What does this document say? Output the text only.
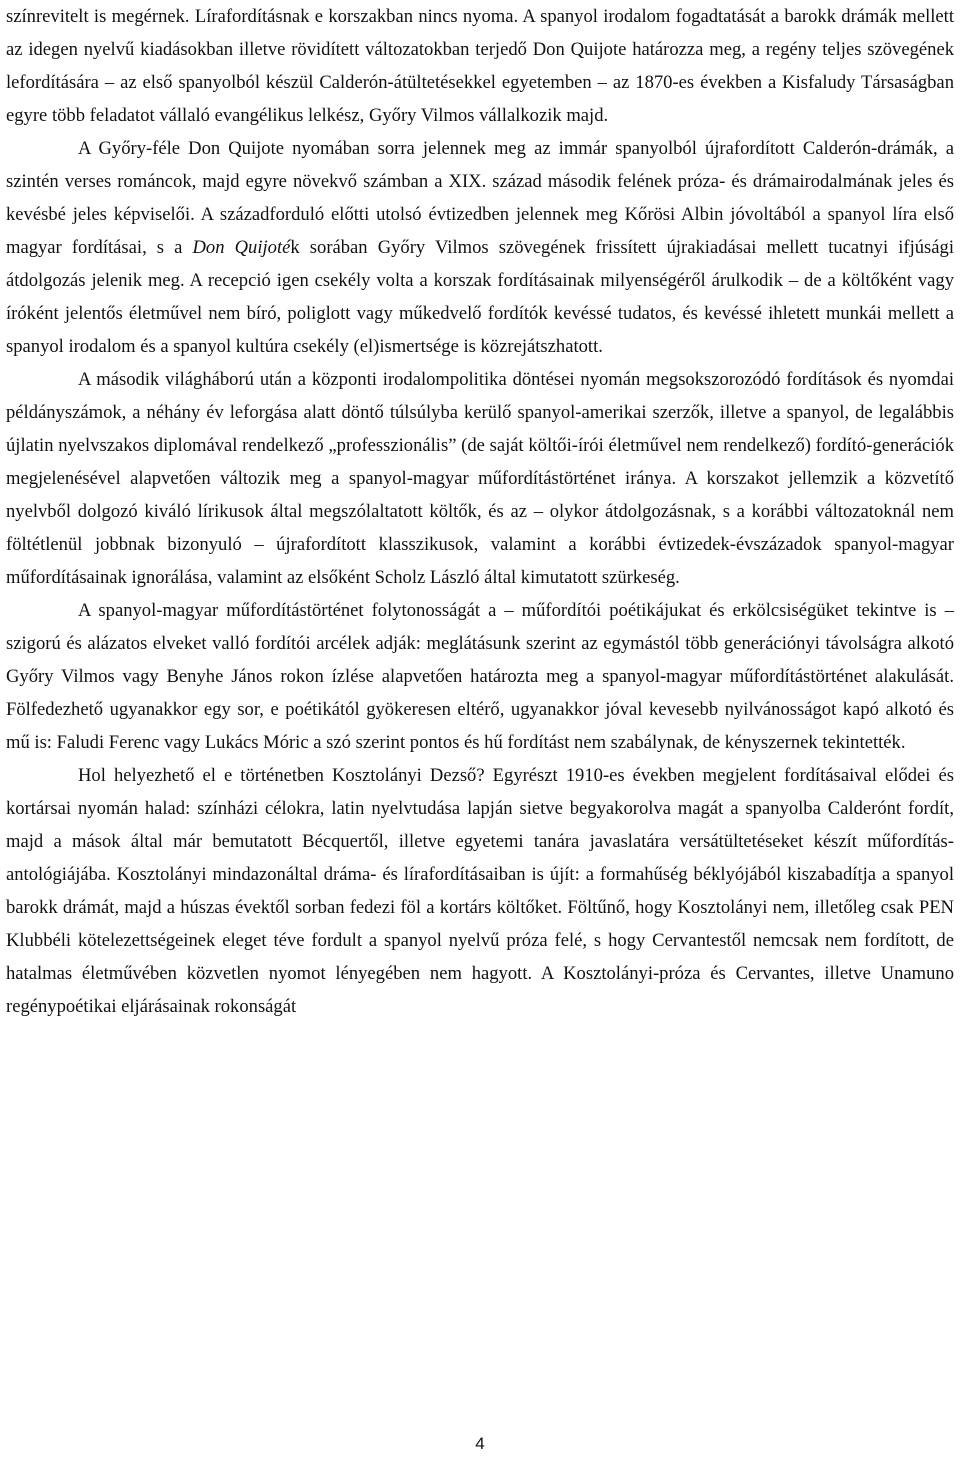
színrevitelt is megérnek. Lírafordításnak e korszakban nincs nyoma. A spanyol irodalom fogadtatását a barokk drámák mellett az idegen nyelvű kiadásokban illetve rövidített változatokban terjedő Don Quijote határozza meg, a regény teljes szövegének lefordítására – az első spanyolból készül Calderón-átültetésekkel egyetemben – az 1870-es években a Kisfaludy Társaságban egyre több feladatot vállaló evangélikus lelkész, Győry Vilmos vállalkozik majd.

A Győry-féle Don Quijote nyomában sorra jelennek meg az immár spanyolból újrafordított Calderón-drámák, a szintén verses románcok, majd egyre növekvő számban a XIX. század második felének próza- és drámairodalmának jeles és kevésbé jeles képviselői. A századforduló előtti utolsó évtizedben jelennek meg Kőrösi Albin jóvoltából a spanyol líra első magyar fordításai, s a Don Quijoték sorában Győry Vilmos szövegének frissített újrakiadásai mellett tucatnyi ifjúsági átdolgozás jelenik meg. A recepció igen csekély volta a korszak fordításainak milyenségéről árulkodik – de a költőként vagy íróként jelentős életművel nem bíró, poliglott vagy műkedvelő fordítók kevéssé tudatos, és kevéssé ihletett munkái mellett a spanyol irodalom és a spanyol kultúra csekély (el)ismertsége is közrejátszhatott.

A második világháború után a központi irodalompolitika döntései nyomán megsokszorozódó fordítások és nyomdai példányszámok, a néhány év leforgása alatt döntő túlsúlyba kerülő spanyol-amerikai szerzők, illetve a spanyol, de legalábbis újlatin nyelvszakos diplomával rendelkező „professzionális” (de saját költői-írói életművel nem rendelkező) fordító-generációk megjelenésével alapvetően változik meg a spanyol-magyar műfordítástörténet iránya. A korszakot jellemzik a közvetítő nyelvből dolgozó kiváló lírikusok által megszólaltatott költők, és az – olykor átdolgozásnak, s a korábbi változatoknál nem föltétlenül jobbnak bizonyuló – újrafordított klasszikusok, valamint a korábbi évtizedek-évszázadok spanyol-magyar műfordításainak ignorálása, valamint az elsőként Scholz László által kimutatott szürkeség.

A spanyol-magyar műfordítástörténet folytonosságát a – műfordítói poétikájukat és erkölcsiségüket tekintve is – szigorú és alázatos elveket valló fordítói arcélek adják: meglátásunk szerint az egymástól több generációnyi távolságra alkotó Győry Vilmos vagy Benyhe János rokon ízlése alapvetően határozta meg a spanyol-magyar műfordítástörténet alakulását. Fölfedezhető ugyanakkor egy sor, e poétikától gyökeresen eltérő, ugyanakkor jóval kevesebb nyilvánosságot kapó alkotó és mű is: Faludi Ferenc vagy Lukács Móric a szó szerint pontos és hű fordítást nem szabálynak, de kényszernek tekintették.

Hol helyezhető el e történetben Kosztolányi Dezső? Egyrészt 1910-es években megjelent fordításaival elődei és kortársai nyomán halad: színházi célokra, latin nyelvtudása lapján sietve begyakorolva magát a spanyolba Calderónt fordít, majd a mások által már bemutatott Bécquertől, illetve egyetemi tanára javaslatára versátültetéseket készít műfordítás-antológiájába. Kosztolányi mindazonáltal dráma- és lírafordításaiban is újít: a formahűség béklyójából kiszabadítja a spanyol barokk drámát, majd a húszas évektől sorban fedezi föl a kortárs költőket. Föltűnő, hogy Kosztolányi nem, illetőleg csak PEN Klubbéli kötelezettségeinek eleget téve fordult a spanyol nyelvű próza felé, s hogy Cervantestől nemcsak nem fordított, de hatalmas életművében közvetlen nyomot lényegében nem hagyott. A Kosztolányi-próza és Cervantes, illetve Unamuno regénypoétikai eljárásainak rokonságát

4
